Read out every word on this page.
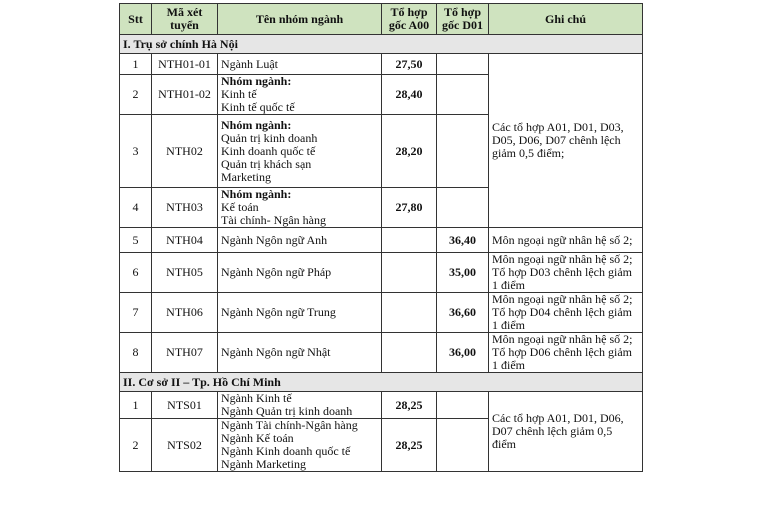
Stt	Mã xét tuyển	Tên nhóm ngành	Tổ hợp gốc A00	Tổ hợp gốc D01	Ghi chú
I. Trụ sở chính Hà Nội					
1	NTH01-01	Ngành Luật	27,50		Các tổ hợp A01, D01, D03,
D05, D06, D07 chênh lệch
giảm 0,5 điểm;

2	NTH01-02	Nhóm ngành:
Kinh tế
Kinh tế quốc tế	28,40		
3	NTH02	Nhóm ngành:
Quản trị kinh doanh
Kinh doanh quốc tế
Quản trị khách sạn
Marketing	28,20		
4	NTH03	Nhóm ngành:
Kế toán
Tài chính- Ngân hàng	27,80		
5	NTH04	Ngành Ngôn ngữ Anh		36,40	Môn ngoại ngữ nhân hệ số 2;

6	NTH05	Ngành Ngôn ngữ Pháp		35,00	Môn ngoại ngữ nhân hệ số 2;
Tổ hợp D03 chênh lệch giảm
1 điểm

7	NTH06	Ngành Ngôn ngữ Trung		36,60	Môn ngoại ngữ nhân hệ số 2;
Tổ hợp D04 chênh lệch giảm
1 điểm

8	NTH07	Ngành Ngôn ngữ Nhật		36,00	Môn ngoại ngữ nhân hệ số 2;
Tổ hợp D06 chênh lệch giảm
1 điểm

II. Cơ sở II – Tp. Hồ Chí Minh					
1	NTS01	Ngành Kinh tế
Ngành Quản trị kinh doanh	28,25		Các tổ hợp A01, D01, D06,
D07 chênh lệch giảm 0,5
điểm

2	NTS02	Ngành Tài chính-Ngân hàng
Ngành Kế toán
Ngành Kinh doanh quốc tế
Ngành Marketing	28,25		
